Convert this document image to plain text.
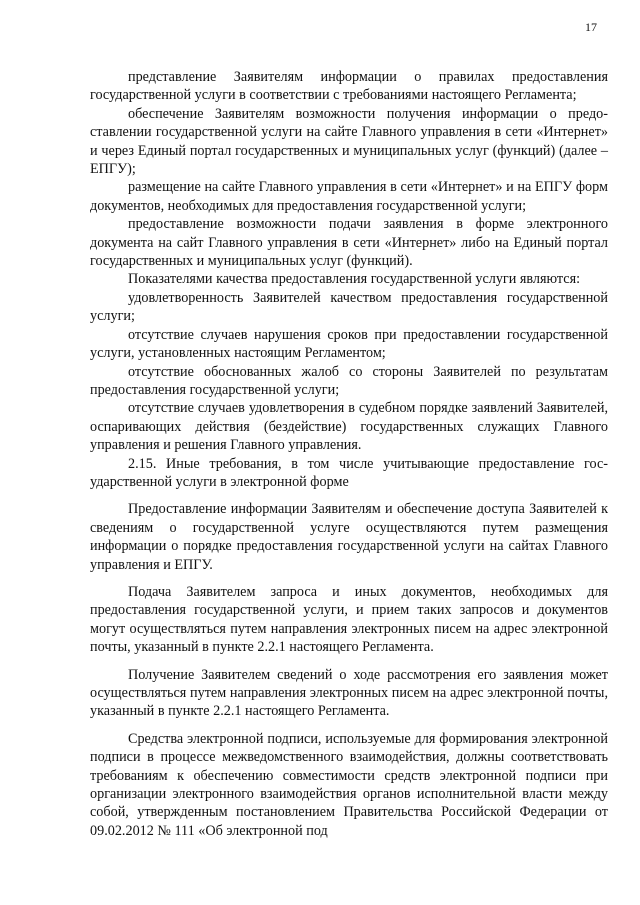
17

представление Заявителям информации о правилах предоставления государственной услуги в соответствии с требованиями настоящего Регламента;

обеспечение Заявителям возможности получения информации о предоставлении государственной услуги на сайте Главного управления в сети «Интернет» и через Единый портал государственных и муниципальных услуг (функций) (далее – ЕПГУ);

размещение на сайте Главного управления в сети «Интернет» и на ЕПГУ форм документов, необходимых для предоставления государственной услуги;

предоставление возможности подачи заявления в форме электронного документа на сайт Главного управления в сети «Интернет» либо на Единый портал государственных и муниципальных услуг (функций).

Показателями качества предоставления государственной услуги являются:

удовлетворенность Заявителей качеством предоставления государственной услуги;

отсутствие случаев нарушения сроков при предоставлении государственной услуги, установленных настоящим Регламентом;

отсутствие обоснованных жалоб со стороны Заявителей по результатам предоставления государственной услуги;

отсутствие случаев удовлетворения в судебном порядке заявлений Заявителей, оспаривающих действия (бездействие) государственных служащих Главного управления и решения Главного управления.

2.15. Иные требования, в том числе учитывающие предоставление государственной услуги в электронной форме

Предоставление информации Заявителям и обеспечение доступа Заявителей к сведениям о государственной услуге осуществляются путем размещения информации о порядке предоставления государственной услуги на сайтах Главного управления и ЕПГУ.

Подача Заявителем запроса и иных документов, необходимых для предоставления государственной услуги, и прием таких запросов и документов могут осуществляться путем направления электронных писем на адрес электронной почты, указанный в пункте 2.2.1 настоящего Регламента.

Получение Заявителем сведений о ходе рассмотрения его заявления может осуществляться путем направления электронных писем на адрес электронной почты, указанный в пункте 2.2.1 настоящего Регламента.

Средства электронной подписи, используемые для формирования электронной подписи в процессе межведомственного взаимодействия, должны соответствовать требованиям к обеспечению совместимости средств электронной подписи при организации электронного взаимодействия органов исполнительной власти между собой, утвержденным постановлением Правительства Российской Федерации от 09.02.2012 № 111 «Об электронной под
